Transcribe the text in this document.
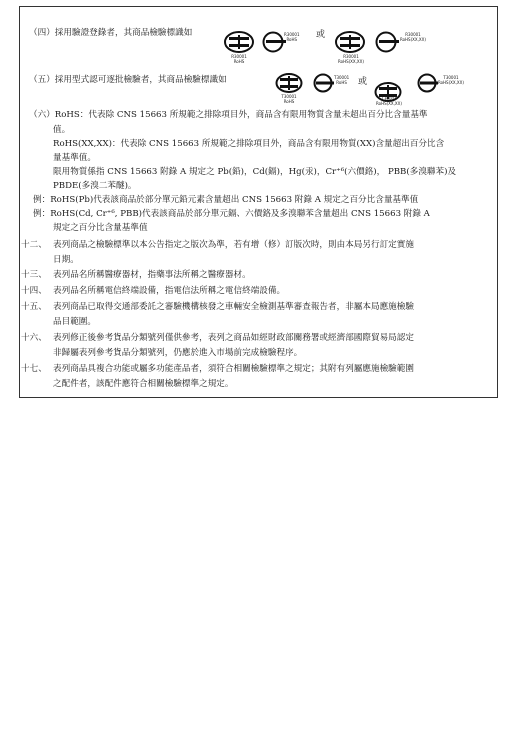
（四）採用驗證登錄者，其商品檢驗標識如	或
R30001
RoHS
R30001
RoHS
R30001
RoHS(XX,XX)
R30001
RoHS(XX,XX)
（五）採用型式認可逐批檢驗者，其商品檢驗標識如	或
T30001
RoHS
T30001
RoHS
T30001
RoHS(XX,XX)
T30001
RoHS(XX,XX)
（六）RoHS：代表除 CNS 15663 所規範之排除項目外，商品含有限用物質含量未超出百分比含量基準
值。
RoHS(XX,XX)：代表除 CNS 15663 所規範之排除項目外，商品含有限用物質(XX)含量超出百分比含
量基準值。
限用物質係指 CNS 15663 附錄 A 規定之 Pb(鉛)，Cd(鎘)，Hg(汞)，Cr⁺⁶(六價鉻)， PBB(多溴聯苯)及
PBDE(多溴二苯醚)。
例：RoHS(Pb)代表該商品於部分單元鉛元素含量超出 CNS 15663 附錄 A 規定之百分比含量基準值
例：RoHS(Cd, Cr⁺⁶, PBB)代表該商品於部分單元鎘、六價鉻及多溴聯苯含量超出 CNS 15663 附錄 A
規定之百分比含量基準值
十二、 表列商品之檢驗標準以本公告指定之版次為準，若有增（修）訂版次時，則由本局另行訂定實施
日期。
十三、 表列品名所稱醫療器材，指藥事法所稱之醫療器材。
十四、 表列品名所稱電信終端設備，指電信法所稱之電信終端設備。
十五、 表列商品已取得交通部委託之審驗機構核發之車輛安全檢測基準審查報告者，非屬本局應施檢驗
品目範圍。
十六、 表列修正後參考貨品分類號列僅供參考，表列之商品如經財政部關務署或經濟部國際貿易局認定
非歸屬表列參考貨品分類號列，仍應於進入市場前完成檢驗程序。
十七、 表列商品具複合功能或屬多功能產品者，須符合相關檢驗標準之規定；其附有列屬應施檢驗範圍
之配件者，該配件應符合相關檢驗標準之規定。
